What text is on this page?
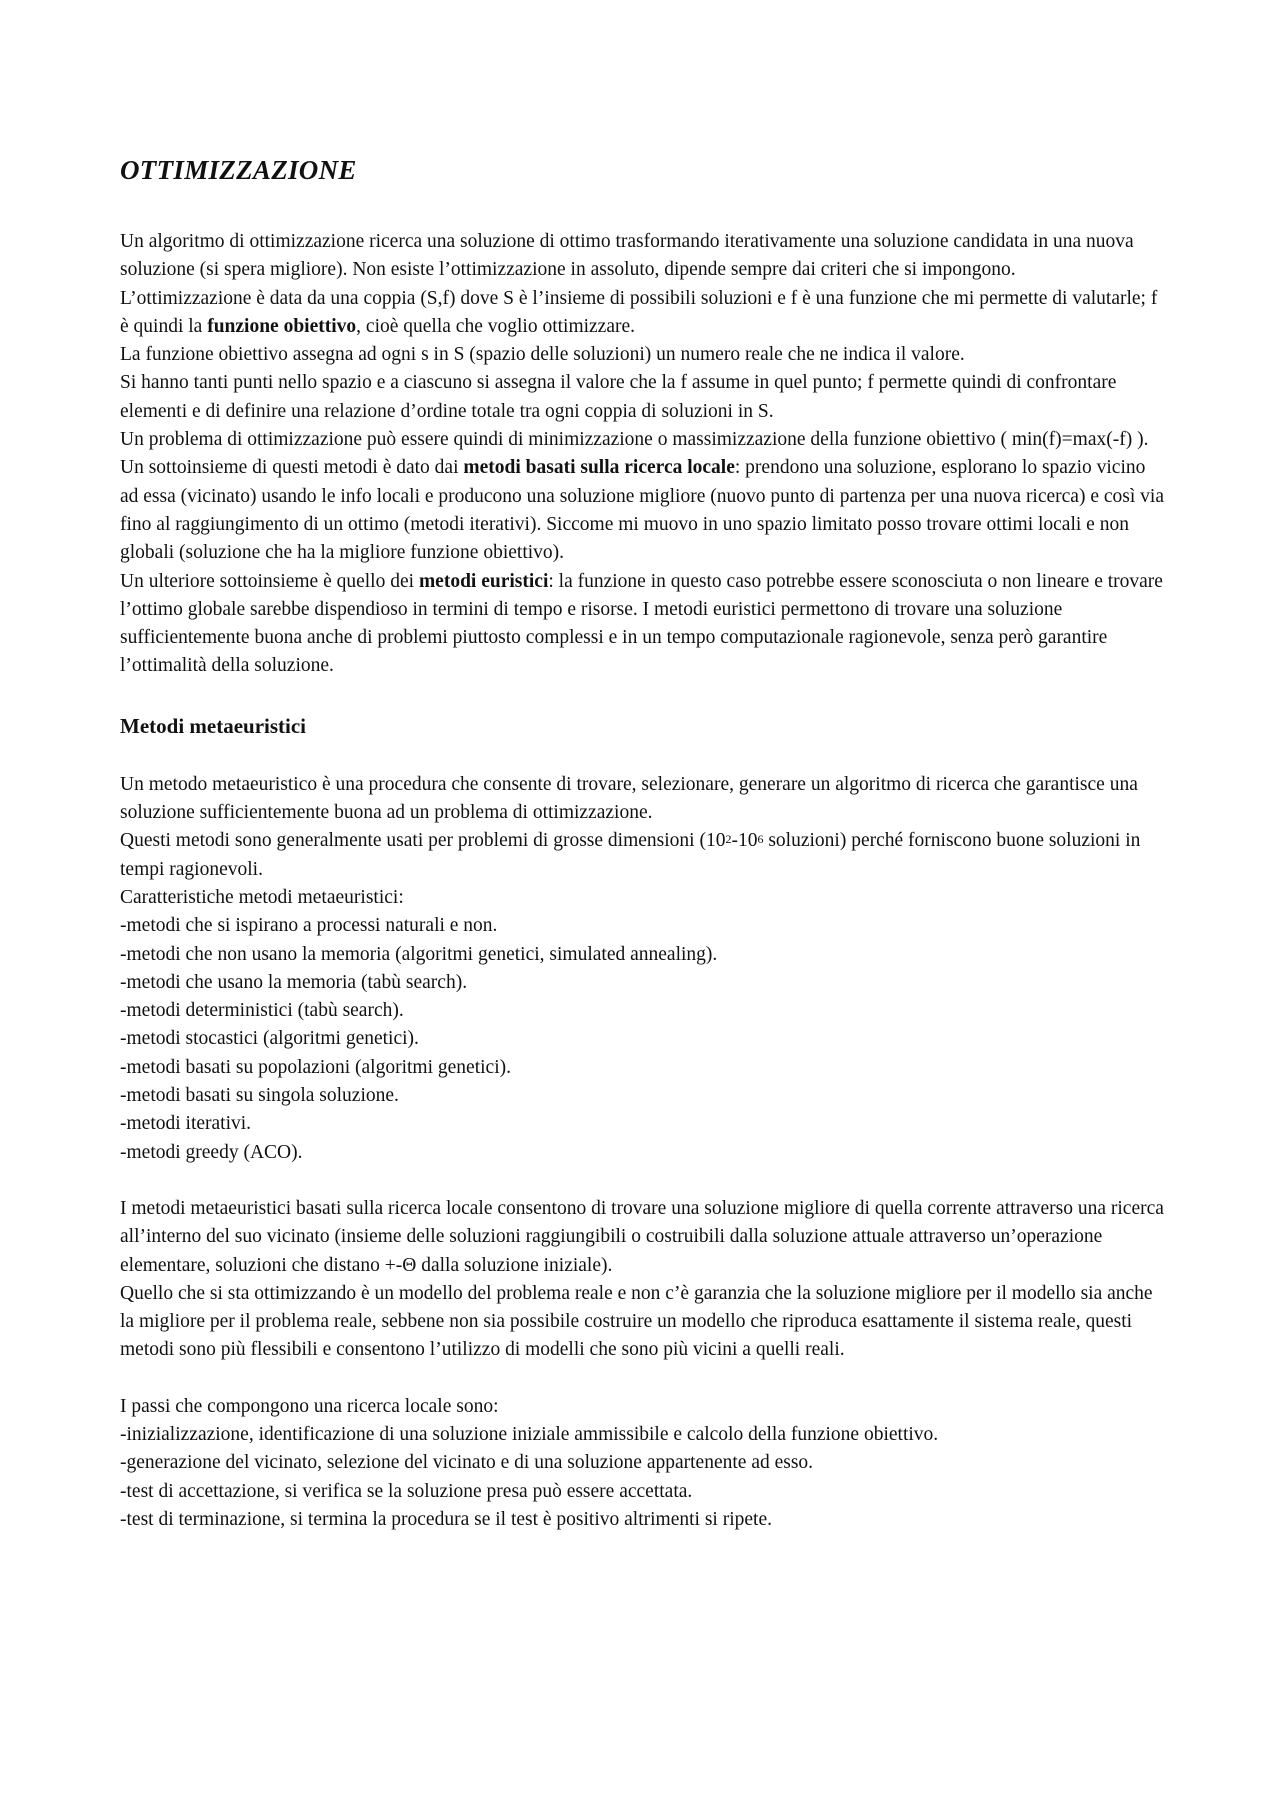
OTTIMIZZAZIONE

Un algoritmo di ottimizzazione ricerca una soluzione di ottimo trasformando iterativamente una soluzione candidata in una nuova soluzione (si spera migliore). Non esiste l’ottimizzazione in assoluto, dipende sempre dai criteri che si impongono.

L’ottimizzazione è data da una coppia (S,f) dove S è l’insieme di possibili soluzioni e f è una funzione che mi permette di valutarle; f è quindi la funzione obiettivo, cioè quella che voglio ottimizzare.

La funzione obiettivo assegna ad ogni s in S (spazio delle soluzioni) un numero reale che ne indica il valore.

Si hanno tanti punti nello spazio e a ciascuno si assegna il valore che la f assume in quel punto; f permette quindi di confrontare elementi e di definire una relazione d’ordine totale tra ogni coppia di soluzioni in S.

Un problema di ottimizzazione può essere quindi di minimizzazione o massimizzazione della funzione obiettivo ( min(f)=max(-f) ).

Un sottoinsieme di questi metodi è dato dai metodi basati sulla ricerca locale: prendono una soluzione, esplorano lo spazio vicino ad essa (vicinato) usando le info locali e producono una soluzione migliore (nuovo punto di partenza per una nuova ricerca) e così via fino al raggiungimento di un ottimo (metodi iterativi). Siccome mi muovo in uno spazio limitato posso trovare ottimi locali e non globali (soluzione che ha la migliore funzione obiettivo).

Un ulteriore sottoinsieme è quello dei metodi euristici: la funzione in questo caso potrebbe essere sconosciuta o non lineare e trovare l’ottimo globale sarebbe dispendioso in termini di tempo e risorse. I metodi euristici permettono di trovare una soluzione sufficientemente buona anche di problemi piuttosto complessi e in un tempo computazionale ragionevole, senza però garantire l’ottimalità della soluzione.

Metodi metaeuristici

Un metodo metaeuristico è una procedura che consente di trovare, selezionare, generare un algoritmo di ricerca che garantisce una soluzione sufficientemente buona ad un problema di ottimizzazione.

Questi metodi sono generalmente usati per problemi di grosse dimensioni ($10^2-10^6$ soluzioni) perché forniscono buone soluzioni in tempi ragionevoli.

Caratteristiche metodi metaeuristici:

-metodi che si ispirano a processi naturali e non.
-metodi che non usano la memoria (algoritmi genetici, simulated annealing).
-metodi che usano la memoria (tabù search).
-metodi deterministici (tabù search).
-metodi stocastici (algoritmi genetici).
-metodi basati su popolazioni (algoritmi genetici).
-metodi basati su singola soluzione.
-metodi iterativi.
-metodi greedy (ACO).

I metodi metaeuristici basati sulla ricerca locale consentono di trovare una soluzione migliore di quella corrente attraverso una ricerca all’interno del suo vicinato (insieme delle soluzioni raggiungibili o costruibili dalla soluzione attuale attraverso un’operazione elementare, soluzioni che distano +-Θ dalla soluzione iniziale).

Quello che si sta ottimizzando è un modello del problema reale e non c’è garanzia che la soluzione migliore per il modello sia anche la migliore per il problema reale, sebbene non sia possibile costruire un modello che riproduca esattamente il sistema reale, questi metodi sono più flessibili e consentono l’utilizzo di modelli che sono più vicini a quelli reali.

I passi che compongono una ricerca locale sono:

-inizializzazione, identificazione di una soluzione iniziale ammissibile e calcolo della funzione obiettivo.
-generazione del vicinato, selezione del vicinato e di una soluzione appartenente ad esso.
-test di accettazione, si verifica se la soluzione presa può essere accettata.
-test di terminazione, si termina la procedura se il test è positivo altrimenti si ripete.
